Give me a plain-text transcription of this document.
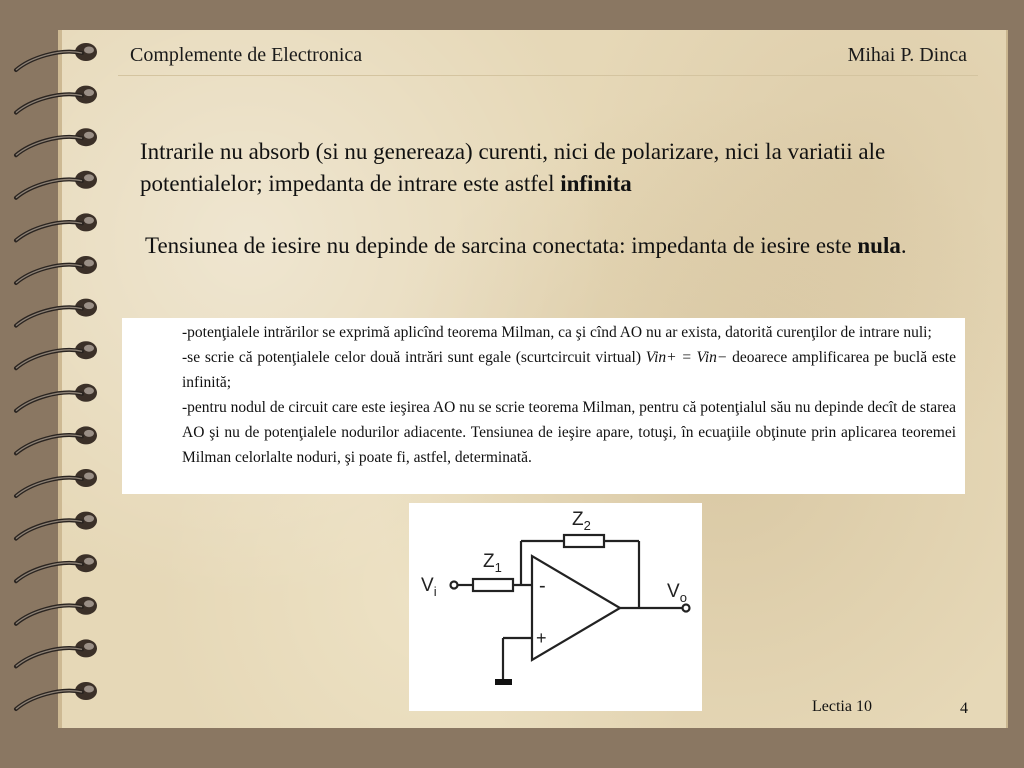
Complemente de Electronica	Mihai P. Dinca
Intrarile nu absorb (si nu genereaza) curenti, nici de polarizare, nici la variatii ale potentialelor; impedanta de intrare este astfel infinita
Tensiunea de iesire nu depinde de sarcina conectata: impedanta de iesire este nula.
-potenţialele intrărilor se exprimă aplicînd teorema Milman, ca şi cînd AO nu ar exista, datorită curenţilor de intrare nuli;
-se scrie că potenţialele celor două intrări sunt egale (scurtcircuit virtual) Vin+ = Vin− deoarece amplificarea pe buclă este infinită;
-pentru nodul de circuit care este ieşirea AO nu se scrie teorema Milman, pentru că potenţialul său nu depinde decît de starea AO şi nu de potenţialele nodurilor adiacente. Tensiunea de ieşire apare, totuşi, în ecuaţiile obţinute prin aplicarea teoremei Milman celorlalte noduri, şi poate fi, astfel, determinată.
$Z_2$
$Z_1$
$V_i$	$V_o$
-
+
Lectia 10	4
